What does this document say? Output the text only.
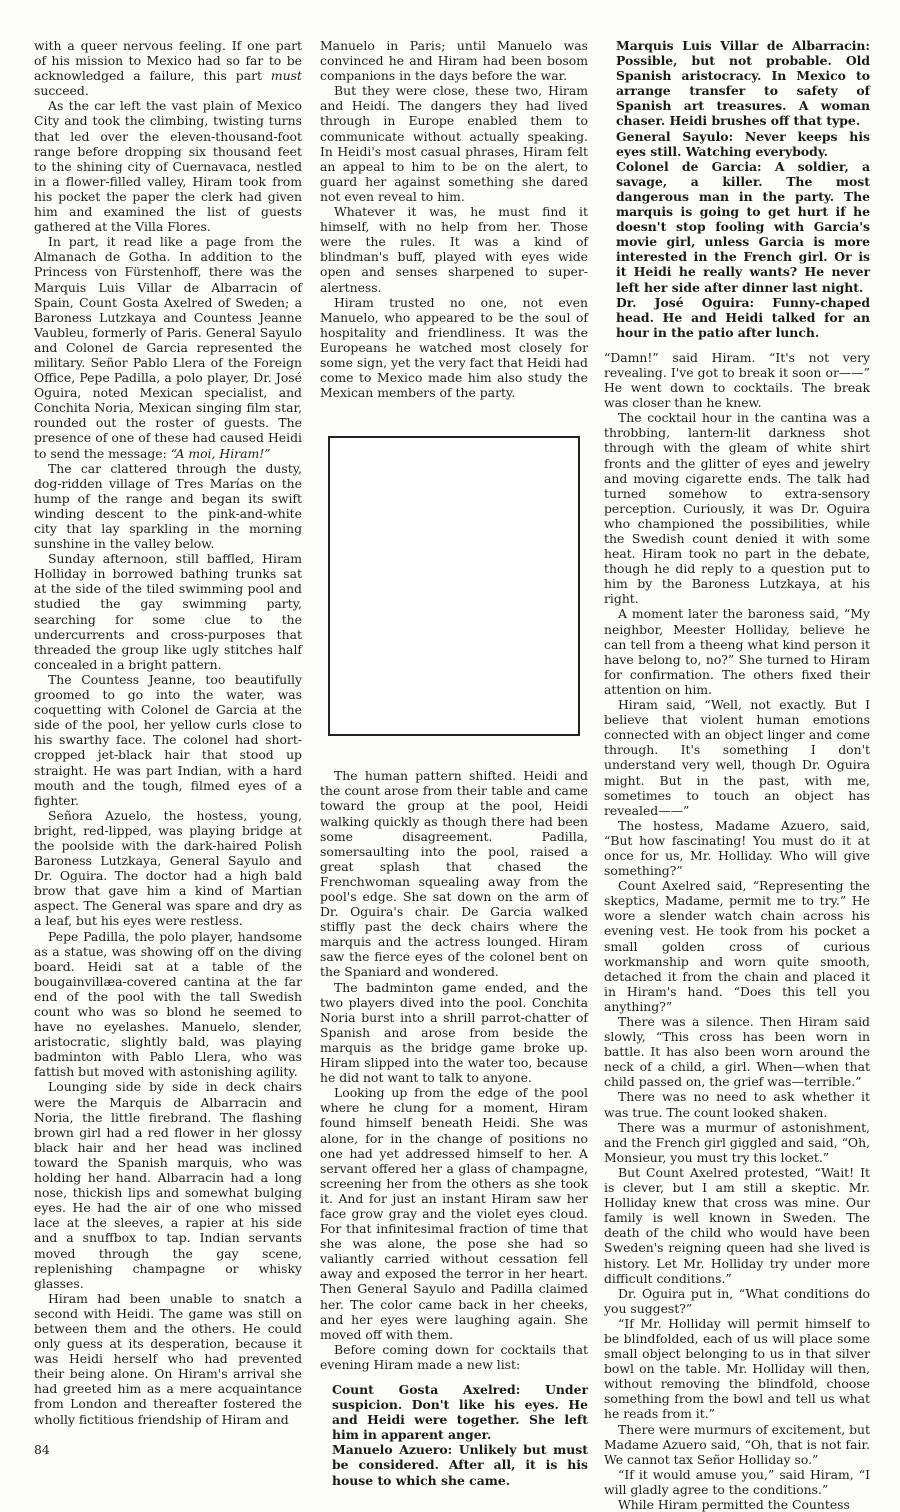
with a queer nervous feeling. If one part of his mission to Mexico had so far to be acknowledged a failure, this part must succeed.

As the car left the vast plain of Mexico City and took the climbing, twisting turns that led over the eleven-thousand-foot range before dropping six thousand feet to the shining city of Cuernavaca, nestled in a flower-filled valley, Hiram took from his pocket the paper the clerk had given him and examined the list of guests gathered at the Villa Flores.

In part, it read like a page from the Almanach de Gotha. In addition to the Princess von Fürstenhoff, there was the Marquis Luis Villar de Albarracin of Spain, Count Gosta Axelred of Sweden; a Baroness Lutzkaya and Countess Jeanne Vaubleu, formerly of Paris. General Sayulo and Colonel de Garcia represented the military. Señor Pablo Llera of the Foreign Office, Pepe Padilla, a polo player, Dr. José Oguira, noted Mexican specialist, and Conchita Noria, Mexican singing film star, rounded out the roster of guests. The presence of one of these had caused Heidi to send the message: “A moi, Hiram!”

The car clattered through the dusty, dog-ridden village of Tres Marías on the hump of the range and began its swift winding descent to the pink-and-white city that lay sparkling in the morning sunshine in the valley below.

Sunday afternoon, still baffled, Hiram Holliday in borrowed bathing trunks sat at the side of the tiled swimming pool and studied the gay swimming party, searching for some clue to the undercurrents and cross-purposes that threaded the group like ugly stitches half concealed in a bright pattern.

The Countess Jeanne, too beautifully groomed to go into the water, was coquetting with Colonel de Garcia at the side of the pool, her yellow curls close to his swarthy face. The colonel had short-cropped jet-black hair that stood up straight. He was part Indian, with a hard mouth and the tough, filmed eyes of a fighter.

Señora Azuelo, the hostess, young, bright, red-lipped, was playing bridge at the poolside with the dark-haired Polish Baroness Lutzkaya, General Sayulo and Dr. Oguira. The doctor had a high bald brow that gave him a kind of Martian aspect. The General was spare and dry as a leaf, but his eyes were restless.

Pepe Padilla, the polo player, handsome as a statue, was showing off on the diving board. Heidi sat at a table of the bougainvillæa-covered cantina at the far end of the pool with the tall Swedish count who was so blond he seemed to have no eyelashes. Manuelo, slender, aristocratic, slightly bald, was playing badminton with Pablo Llera, who was fattish but moved with astonishing agility.

Lounging side by side in deck chairs were the Marquis de Albarracin and Noria, the little firebrand. The flashing brown girl had a red flower in her glossy black hair and her head was inclined toward the Spanish marquis, who was holding her hand. Albarracin had a long nose, thickish lips and somewhat bulging eyes. He had the air of one who missed lace at the sleeves, a rapier at his side and a snuffbox to tap. Indian servants moved through the gay scene, replenishing champagne or whisky glasses.

Hiram had been unable to snatch a second with Heidi. The game was still on between them and the others. He could only guess at its desperation, because it was Heidi herself who had prevented their being alone. On Hiram's arrival she had greeted him as a mere acquaintance from London and thereafter fostered the wholly fictitious friendship of Hiram and

Manuelo in Paris; until Manuelo was convinced he and Hiram had been bosom companions in the days before the war.

But they were close, these two, Hiram and Heidi. The dangers they had lived through in Europe enabled them to communicate without actually speaking. In Heidi's most casual phrases, Hiram felt an appeal to him to be on the alert, to guard her against something she dared not even reveal to him.

Whatever it was, he must find it himself, with no help from her. Those were the rules. It was a kind of blindman's buff, played with eyes wide open and senses sharpened to super-alertness.

Hiram trusted no one, not even Manuelo, who appeared to be the soul of hospitality and friendliness. It was the Europeans he watched most closely for some sign, yet the very fact that Heidi had come to Mexico made him also study the Mexican members of the party.

The human pattern shifted. Heidi and the count arose from their table and came toward the group at the pool, Heidi walking quickly as though there had been some disagreement. Padilla, somersaulting into the pool, raised a great splash that chased the Frenchwoman squealing away from the pool's edge. She sat down on the arm of Dr. Oguira's chair. De Garcia walked stiffly past the deck chairs where the marquis and the actress lounged. Hiram saw the fierce eyes of the colonel bent on the Spaniard and wondered.

The badminton game ended, and the two players dived into the pool. Conchita Noria burst into a shrill parrot-chatter of Spanish and arose from beside the marquis as the bridge game broke up. Hiram slipped into the water too, because he did not want to talk to anyone.

Looking up from the edge of the pool where he clung for a moment, Hiram found himself beneath Heidi. She was alone, for in the change of positions no one had yet addressed himself to her. A servant offered her a glass of champagne, screening her from the others as she took it. And for just an instant Hiram saw her face grow gray and the violet eyes cloud. For that infinitesimal fraction of time that she was alone, the pose she had so valiantly carried without cessation fell away and exposed the terror in her heart. Then General Sayulo and Padilla claimed her. The color came back in her cheeks, and her eyes were laughing again. She moved off with them.

Before coming down for cocktails that evening Hiram made a new list:

Count Gosta Axelred: Under suspicion. Don't like his eyes. He and Heidi were together. She left him in apparent anger.

Manuelo Azuero: Unlikely but must be considered. After all, it is his house to which she came.

Marquis Luis Villar de Albarracin: Possible, but not probable. Old Spanish aristocracy. In Mexico to arrange transfer to safety of Spanish art treasures. A woman chaser. Heidi brushes off that type.

General Sayulo: Never keeps his eyes still. Watching everybody.

Colonel de Garcia: A soldier, a savage, a killer. The most dangerous man in the party. The marquis is going to get hurt if he doesn't stop fooling with Garcia's movie girl, unless Garcia is more interested in the French girl. Or is it Heidi he really wants? He never left her side after dinner last night.

Dr. José Oguira: Funny-chaped head. He and Heidi talked for an hour in the patio after lunch.

“Damn!” said Hiram. “It's not very revealing. I've got to break it soon or——” He went down to cocktails. The break was closer than he knew.

The cocktail hour in the cantina was a throbbing, lantern-lit darkness shot through with the gleam of white shirt fronts and the glitter of eyes and jewelry and moving cigarette ends. The talk had turned somehow to extra-sensory perception. Curiously, it was Dr. Oguira who championed the possibilities, while the Swedish count denied it with some heat. Hiram took no part in the debate, though he did reply to a question put to him by the Baroness Lutzkaya, at his right.

A moment later the baroness said, “My neighbor, Meester Holliday, believe he can tell from a theeng what kind person it have belong to, no?” She turned to Hiram for confirmation. The others fixed their attention on him.

Hiram said, “Well, not exactly. But I believe that violent human emotions connected with an object linger and come through. It's something I don't understand very well, though Dr. Oguira might. But in the past, with me, sometimes to touch an object has revealed——”

The hostess, Madame Azuero, said, “But how fascinating! You must do it at once for us, Mr. Holliday. Who will give something?”

Count Axelred said, “Representing the skeptics, Madame, permit me to try.” He wore a slender watch chain across his evening vest. He took from his pocket a small golden cross of curious workmanship and worn quite smooth, detached it from the chain and placed it in Hiram's hand. “Does this tell you anything?”

There was a silence. Then Hiram said slowly, “This cross has been worn in battle. It has also been worn around the neck of a child, a girl. When—when that child passed on, the grief was—terrible.”

There was no need to ask whether it was true. The count looked shaken.

There was a murmur of astonishment, and the French girl giggled and said, “Oh, Monsieur, you must try this locket.”

But Count Axelred protested, “Wait! It is clever, but I am still a skeptic. Mr. Holliday knew that cross was mine. Our family is well known in Sweden. The death of the child who would have been Sweden's reigning queen had she lived is history. Let Mr. Holliday try under more difficult conditions.”

Dr. Oguira put in, “What conditions do you suggest?”

“If Mr. Holliday will permit himself to be blindfolded, each of us will place some small object belonging to us in that silver bowl on the table. Mr. Holliday will then, without removing the blindfold, choose something from the bowl and tell us what he reads from it.”

There were murmurs of excitement, but Madame Azuero said, “Oh, that is not fair. We cannot tax Señor Holliday so.”

“If it would amuse you,” said Hiram, “I will gladly agree to the conditions.”

While Hiram permitted the Countess

84
